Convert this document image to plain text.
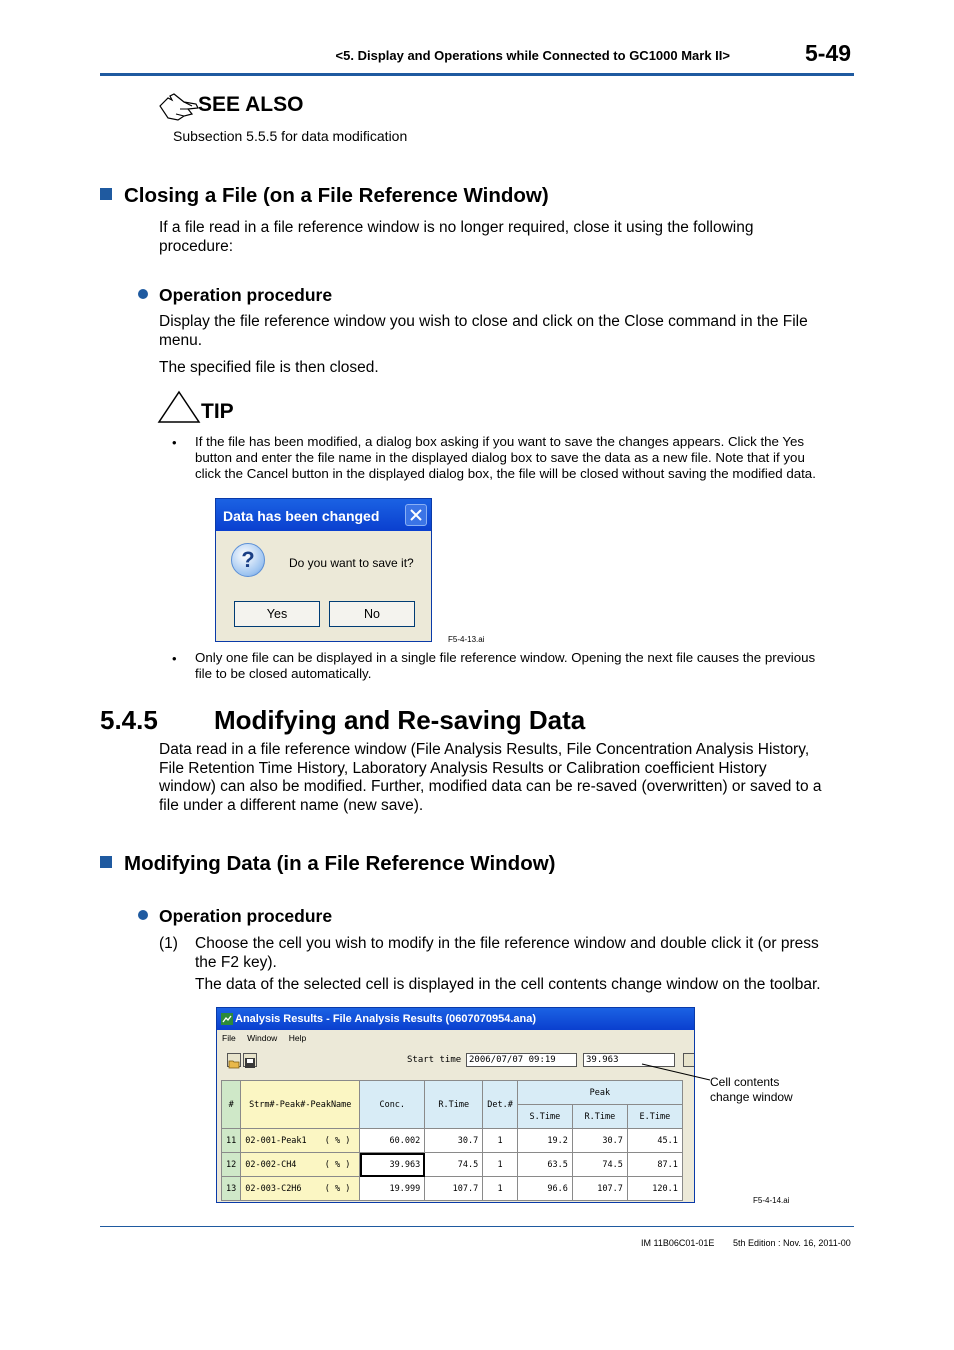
<5. Display and Operations while Connected to GC1000 Mark II>	5-49
SEE ALSO
Subsection 5.5.5 for data modification
Closing a File (on a File Reference Window)
If a file read in a file reference window is no longer required, close it using the following
procedure:
Operation procedure
Display the file reference window you wish to close and click on the Close command in the File
menu.
The specified file is then closed.
TIP
• If the file has been modified, a dialog box asking if you want to save the changes appears. Click the Yes
button and enter the file name in the displayed dialog box to save the data as a new file. Note that if you
click the Cancel button in the displayed dialog box, the file will be closed without saving the modified data.
Data has been changed
?	Do you want to save it?
Yes	No
F5-4-13.ai
• Only one file can be displayed in a single file reference window. Opening the next file causes the previous
file to be closed automatically.
5.4.5 Modifying and Re-saving Data
Data read in a file reference window (File Analysis Results, File Concentration Analysis History,
File Retention Time History, Laboratory Analysis Results or Calibration coefficient History
window) can also be modified. Further, modified data can be re-saved (overwritten) or saved to a
file under a different name (new save).
Modifying Data (in a File Reference Window)
Operation procedure
(1) Choose the cell you wish to modify in the file reference window and double click it (or press
the F2 key).
The data of the selected cell is displayed in the cell contents change window on the toolbar.
Analysis Results - File Analysis Results (0607070954.ana)
File Window Help
Start time 2006/07/07 09:19	39.963
#	Strm#-Peak#-PeakName		Conc.	R.Time	Det.#	Peak		
						S.Time	R.Time	E.Time
11	02-001-Peak1	( % )	60.002	30.7	1	19.2	30.7	45.1
12	02-002-CH4	( % )	39.963	74.5	1	63.5	74.5	87.1
13	02-003-C2H6	( % )	19.999	107.7	1	96.6	107.7	120.1
Cell contents
change window
F5-4-14.ai
IM 11B06C01-01E 5th Edition : Nov. 16, 2011-00
